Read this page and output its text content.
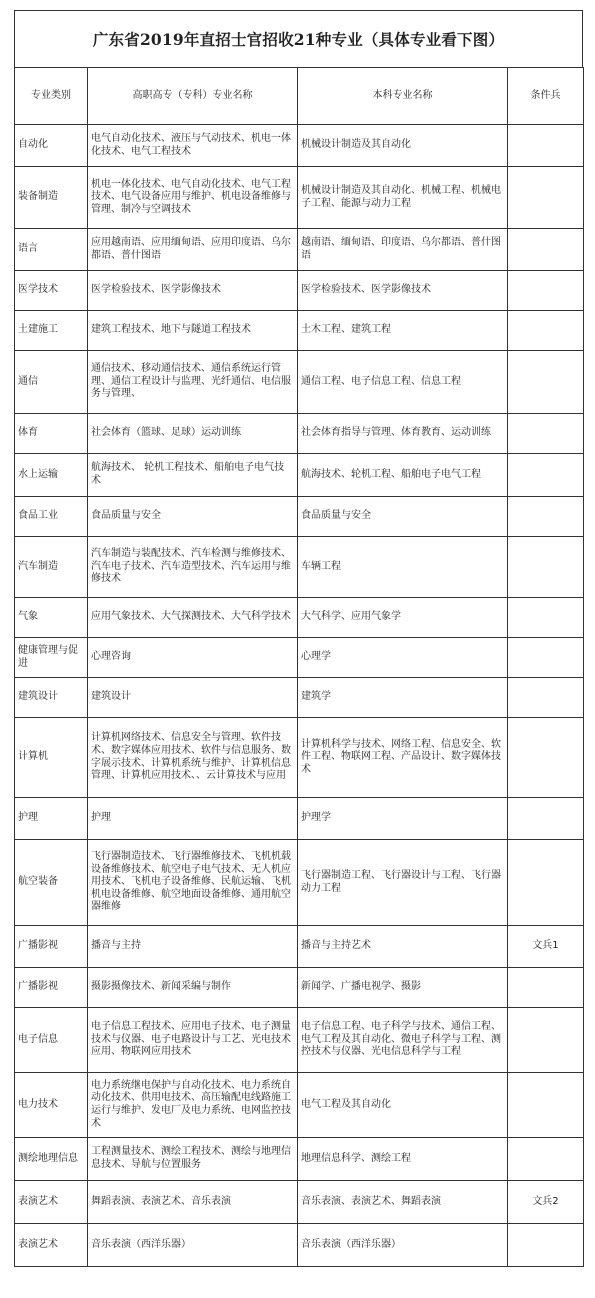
广东省2019年直招士官招收21种专业（具体专业看下图）
专业类别	高职高专（专科）专业名称	本科专业名称	条件兵
自动化	电气自动化技术、液压与气动技术、机电一体化技术、电气工程技术	机械设计制造及其自动化	
装备制造	机电一体化技术、电气自动化技术、电气工程技术、电气设备应用与维护、机电设备维修与管理、制冷与空调技术	机械设计制造及其自动化、机械工程、机械电子工程、能源与动力工程	
语言	应用越南语、应用缅甸语、应用印度语、乌尔都语、普什图语	越南语、缅甸语、印度语、乌尔都语、普什图语	
医学技术	医学检验技术、医学影像技术	医学检验技术、医学影像技术	
土建施工	建筑工程技术、地下与隧道工程技术	土木工程、建筑工程	
通信	通信技术、移动通信技术、通信系统运行管理、通信工程设计与监理、光纤通信、电信服务与管理、	通信工程、电子信息工程、信息工程	
体育	社会体育（篮球、足球）运动训练	社会体育指导与管理、体育教育、运动训练	
水上运输	航海技术、 轮机工程技术、船舶电子电气技术	航海技术、轮机工程、船舶电子电气工程	
食品工业	食品质量与安全	食品质量与安全	
汽车制造	汽车制造与装配技术、汽车检测与维修技术、汽车电子技术、汽车造型技术、汽车运用与维修技术	车辆工程	
气象	应用气象技术、大气探测技术、大气科学技术	大气科学、应用气象学	
健康管理与促进	心理咨询	心理学	
建筑设计	建筑设计	建筑学	
计算机	计算机网络技术、信息安全与管理、软件技术、数字媒体应用技术、软件与信息服务、数字展示技术、计算机系统与维护、计算机信息管理、计算机应用技术、、云计算技术与应用	计算机科学与技术、网络工程、信息安全、软件工程、物联网工程、产品设计、数字媒体技术	
护理	护理	护理学	
航空装备	飞行器制造技术、飞行器维修技术、飞机机载设备维修技术、航空电子电气技术、无人机应用技术、飞机电子设备维修、民航运输、飞机机电设备维修、航空地面设备维修、通用航空器维修	飞行器制造工程、飞行器设计与工程、飞行器动力工程	
广播影视	播音与主持	播音与主持艺术	文兵1
广播影视	摄影摄像技术、新闻采编与制作	新闻学、广播电视学、摄影	
电子信息	电子信息工程技术、应用电子技术、电子测量技术与仪器、电子电路设计与工艺、光电技术应用、物联网应用技术	电子信息工程、电子科学与技术、通信工程、电气工程及其自动化、微电子科学与工程、测控技术与仪器、光电信息科学与工程	
电力技术	电力系统继电保护与自动化技术、电力系统自动化技术、供用电技术、高压输配电线路施工运行与维护、发电厂及电力系统、电网监控技术	电气工程及其自动化	
测绘地理信息	工程测量技术、测绘工程技术、测绘与地理信息技术、导航与位置服务	地理信息科学、测绘工程	
表演艺术	舞蹈表演、表演艺术、音乐表演	音乐表演、表演艺术、舞蹈表演	文兵2
表演艺术	音乐表演（西洋乐器）	音乐表演（西洋乐器）	
